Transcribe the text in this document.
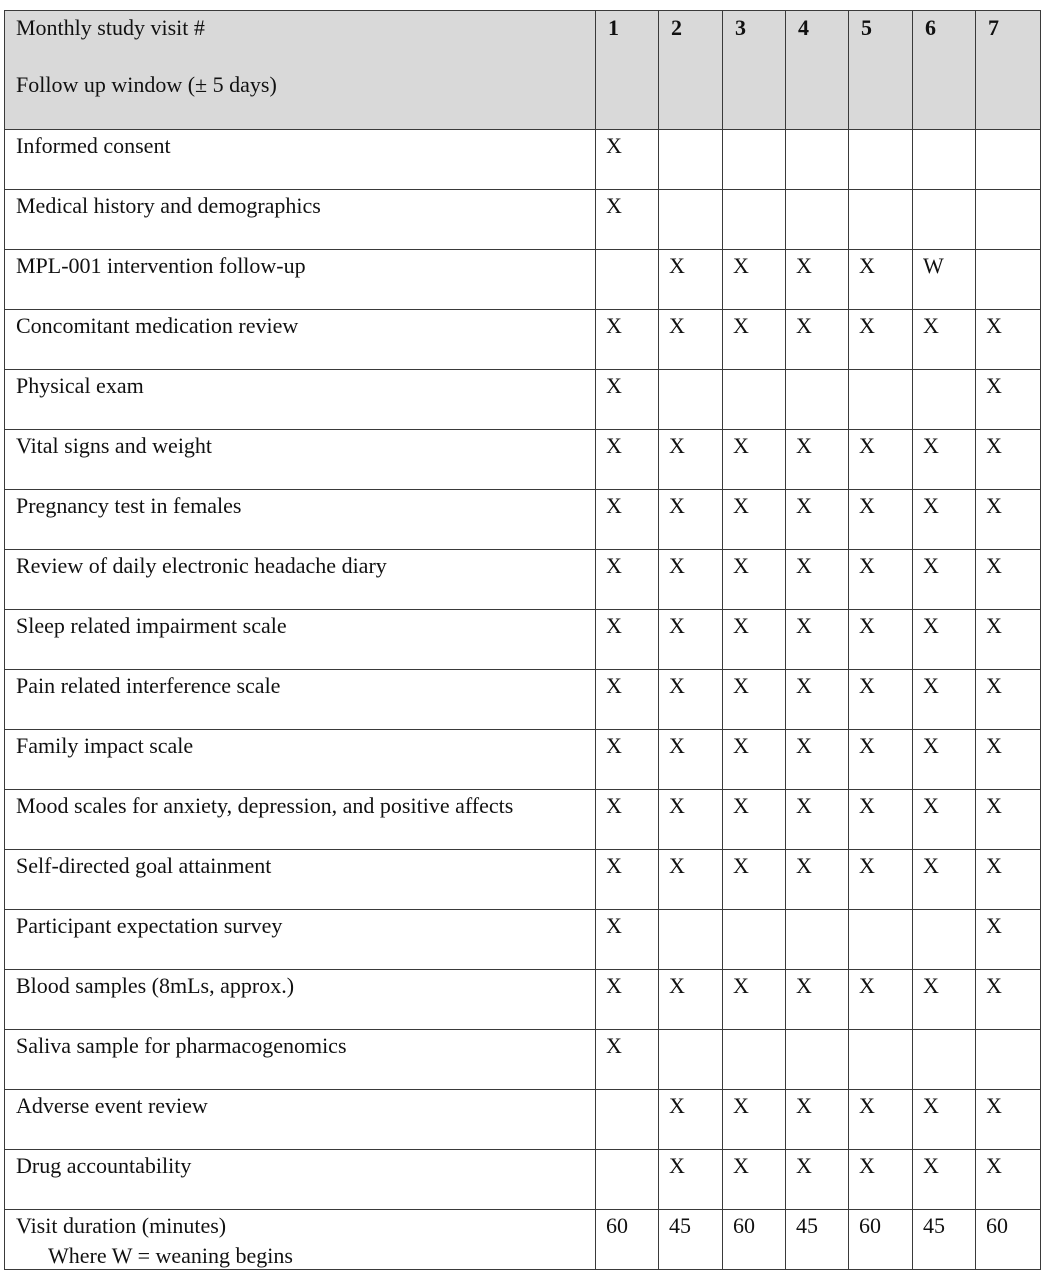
Monthly study visit #
Follow up window (± 5 days)	1	2	3	4	5	6	7
Informed consent	X						
Medical history and demographics	X						
MPL-001 intervention follow-up		X	X	X	X	W	
Concomitant medication review	X	X	X	X	X	X	X
Physical exam	X						X
Vital signs and weight	X	X	X	X	X	X	X
Pregnancy test in females	X	X	X	X	X	X	X
Review of daily electronic headache diary	X	X	X	X	X	X	X
Sleep related impairment scale	X	X	X	X	X	X	X
Pain related interference scale	X	X	X	X	X	X	X
Family impact scale	X	X	X	X	X	X	X
Mood scales for anxiety, depression, and positive affects	X	X	X	X	X	X	X
Self-directed goal attainment	X	X	X	X	X	X	X
Participant expectation survey	X						X
Blood samples (8mLs, approx.)	X	X	X	X	X	X	X
Saliva sample for pharmacogenomics	X						
Adverse event review		X	X	X	X	X	X
Drug accountability		X	X	X	X	X	X
Visit duration (minutes)	60	45	60	45	60	45	60
Where W = weaning begins
